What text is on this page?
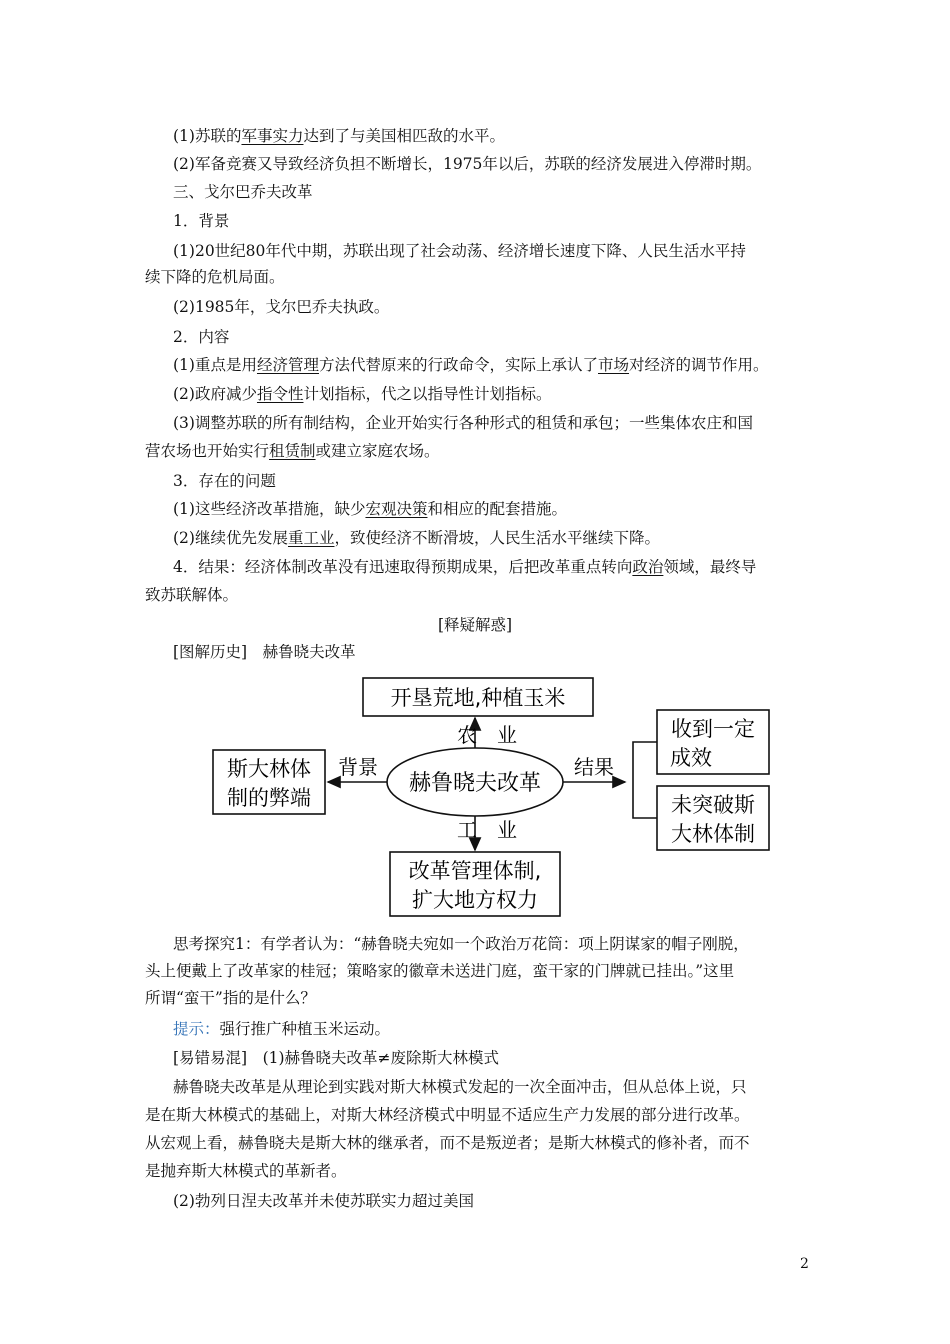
(1)苏联的军事实力达到了与美国相匹敌的水平。
(2)军备竞赛又导致经济负担不断增长，1975年以后，苏联的经济发展进入停滞时期。
三、戈尔巴乔夫改革
1．背景
(1)20世纪80年代中期，苏联出现了社会动荡、经济增长速度下降、人民生活水平持
续下降的危机局面。
(2)1985年，戈尔巴乔夫执政。
2．内容
(1)重点是用经济管理方法代替原来的行政命令，实际上承认了市场对经济的调节作用。
(2)政府减少指令性计划指标，代之以指导性计划指标。
(3)调整苏联的所有制结构，企业开始实行各种形式的租赁和承包；一些集体农庄和国
营农场也开始实行租赁制或建立家庭农场。
3．存在的问题
(1)这些经济改革措施，缺少宏观决策和相应的配套措施。
(2)继续优先发展重工业，致使经济不断滑坡，人民生活水平继续下降。
4．结果：经济体制改革没有迅速取得预期成果，后把改革重点转向政治领域，最终导
致苏联解体。
[释疑解惑]
[图解历史]　赫鲁晓夫改革
开垦荒地,种植玉米
斯大林体
制的弊端
赫鲁晓夫改革
改革管理体制,
扩大地方权力
收到一定
成效
未突破斯
大林体制
农　业
背景	结果
工　业
思考探究1：有学者认为：“赫鲁晓夫宛如一个政治万花筒：项上阴谋家的帽子刚脱，
头上便戴上了改革家的桂冠；策略家的徽章未送进门庭，蛮干家的门牌就已挂出。”这里
所谓“蛮干”指的是什么？
提示：强行推广种植玉米运动。
[易错易混]　(1)赫鲁晓夫改革≠废除斯大林模式
赫鲁晓夫改革是从理论到实践对斯大林模式发起的一次全面冲击，但从总体上说，只
是在斯大林模式的基础上，对斯大林经济模式中明显不适应生产力发展的部分进行改革。
从宏观上看，赫鲁晓夫是斯大林的继承者，而不是叛逆者；是斯大林模式的修补者，而不
是抛弃斯大林模式的革新者。
(2)勃列日涅夫改革并未使苏联实力超过美国
2
